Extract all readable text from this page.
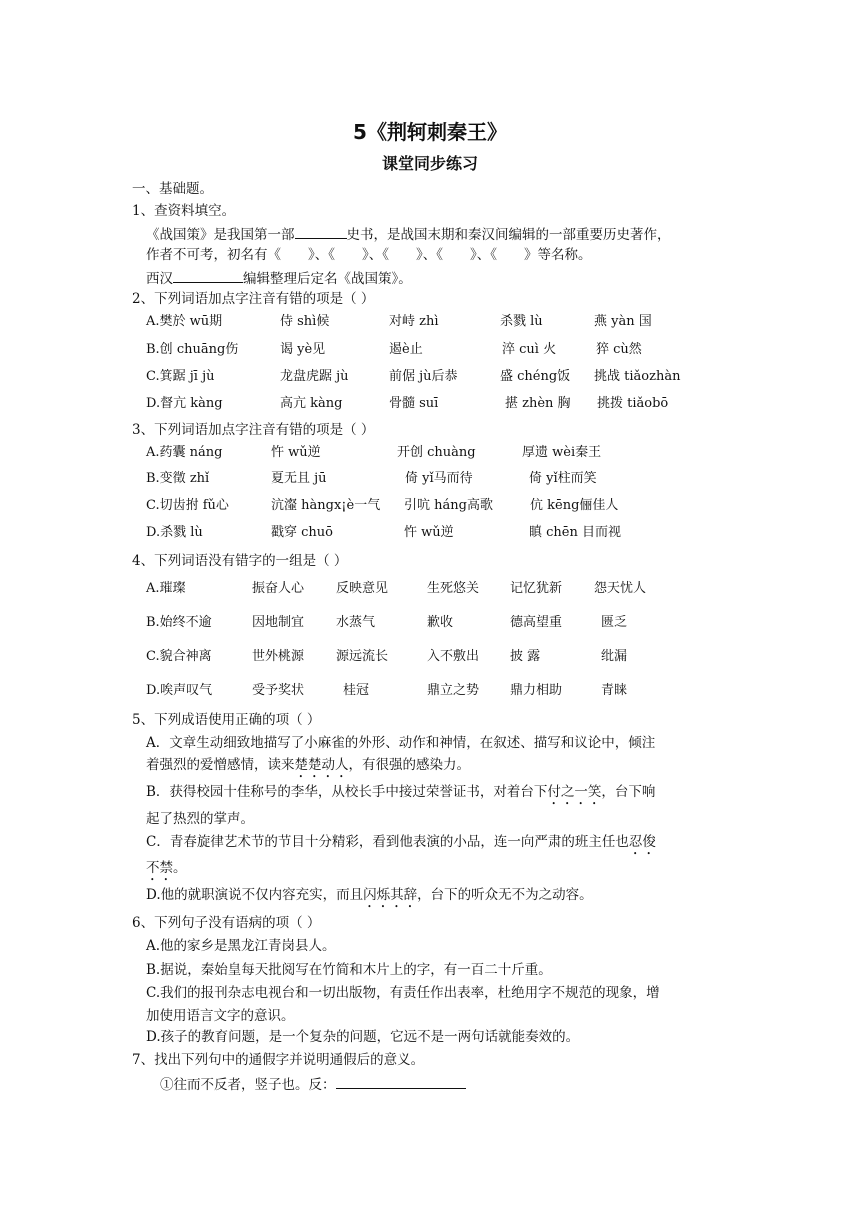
5《荆轲刺秦王》
课堂同步练习
一、基础题。
1、查资料填空。
《战国策》是我国第一部	史书，是战国末期和秦汉间编辑的一部重要历史著作，
作者不可考，初名有《　　》、《　　》、《　　》、《　　》、《　　》等名称。
西汉	编辑整理后定名《战国策》。
2、下列词语加点字注音有错的项是（ ）
A.樊於 wū期	侍 shì候	对峙 zhì	杀戮 lù	燕 yàn 国
B.创 chuāng伤	谒 yè见	遏è止	淬 cuì 火	猝 cù然
C.箕踞 jī jù	龙盘虎踞 jù	前倨 jù后恭	盛 chéng饭 挑战 tiǎozhàn
D.督亢 kàng	高亢 kàng	骨髓 suī	揕 zhèn 胸 挑拨 tiǎobō
3、下列词语加点字注音有错的项是（ ）
A.药囊 náng	忤 wǔ逆	开创 chuàng	厚遗 wèi秦王
B.变徵 zhǐ	夏无且 jū	倚 yǐ马而待	倚 yǐ柱而笑
C.切齿拊 fǔ心	沆瀣 hàngx¡è一气 引吭 háng高歌	伉 kēng俪佳人
D.杀戮 lù	戳穿 chuō	忤 wǔ逆	瞋 chēn 目而视
4、下列词语没有错字的一组是（ ）
A.璀璨	振奋人心 反映意见	生死悠关 记忆犹新 怨天忧人
B.始终不逾	因地制宜 水蒸气	歉收	德高望重	匮乏
C.貌合神离	世外桃源 源远流长	入不敷出 披 露	纰漏
D.唉声叹气	受予奖状	桂冠	鼎立之势 鼎力相助	青睐
5、下列成语使用正确的项（ ）
A．文章生动细致地描写了小麻雀的外形、动作和神情，在叙述、描写和议论中，倾注
着强烈的爱憎感情，读来楚楚动人，有很强的感染力。
B．获得校园十佳称号的李华，从校长手中接过荣誉证书，对着台下付之一笑，台下响
起了热烈的掌声。
C．青春旋律艺术节的节目十分精彩，看到他表演的小品，连一向严肃的班主任也忍俊
不禁。
D.他的就职演说不仅内容充实，而且闪烁其辞，台下的听众无不为之动容。
6、下列句子没有语病的项（ ）
A.他的家乡是黑龙江青岗县人。
B.据说，秦始皇每天批阅写在竹简和木片上的字，有一百二十斤重。
C.我们的报刊杂志电视台和一切出版物，有责任作出表率，杜绝用字不规范的现象，增
加使用语言文字的意识。
D.孩子的教育问题，是一个复杂的问题，它远不是一两句话就能奏效的。
7、找出下列句中的通假字并说明通假后的意义。
①往而不反者，竖子也。反：
